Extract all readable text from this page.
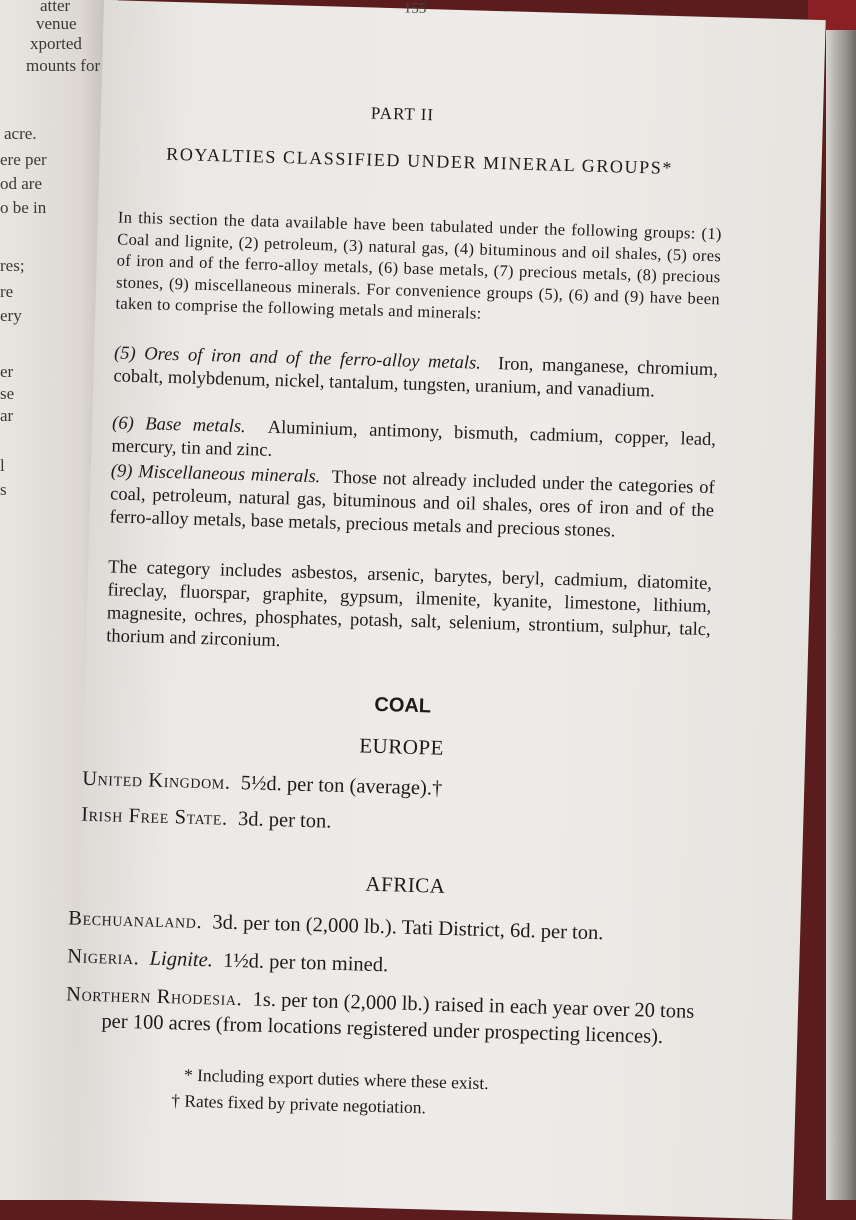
atter
venue
xported
mounts for
acre.
ere per
od are
o be in
res;
re
ery
er
se
ar
l
s
155
PART II
ROYALTIES CLASSIFIED UNDER MINERAL GROUPS*
In this section the data available have been tabulated under the following groups: (1) Coal and lignite, (2) petroleum, (3) natural gas, (4) bituminous and oil shales, (5) ores of iron and of the ferro-alloy metals, (6) base metals, (7) precious metals, (8) precious stones, (9) miscellaneous minerals. For convenience groups (5), (6) and (9) have been taken to comprise the following metals and minerals:
(5) Ores of iron and of the ferro-alloy metals. Iron, manganese, chromium, cobalt, molybdenum, nickel, tantalum, tungsten, uranium, and vanadium.
(6) Base metals. Aluminium, antimony, bismuth, cadmium, copper, lead, mercury, tin and zinc.
(9) Miscellaneous minerals. Those not already included under the categories of coal, petroleum, natural gas, bituminous and oil shales, ores of iron and of the ferro-alloy metals, base metals, precious metals and precious stones.
The category includes asbestos, arsenic, barytes, beryl, cadmium, diatomite, fireclay, fluorspar, graphite, gypsum, ilmenite, kyanite, limestone, lithium, magnesite, ochres, phosphates, potash, salt, selenium, strontium, sulphur, talc, thorium and zirconium.
COAL
EUROPE
United Kingdom. 5½d. per ton (average).†
Irish Free State. 3d. per ton.
AFRICA
Bechuanaland. 3d. per ton (2,000 lb.). Tati District, 6d. per ton.
Nigeria. Lignite. 1½d. per ton mined.
Northern Rhodesia. 1s. per ton (2,000 lb.) raised in each year over 20 tons per 100 acres (from locations registered under prospecting licences).
* Including export duties where these exist.
† Rates fixed by private negotiation.
